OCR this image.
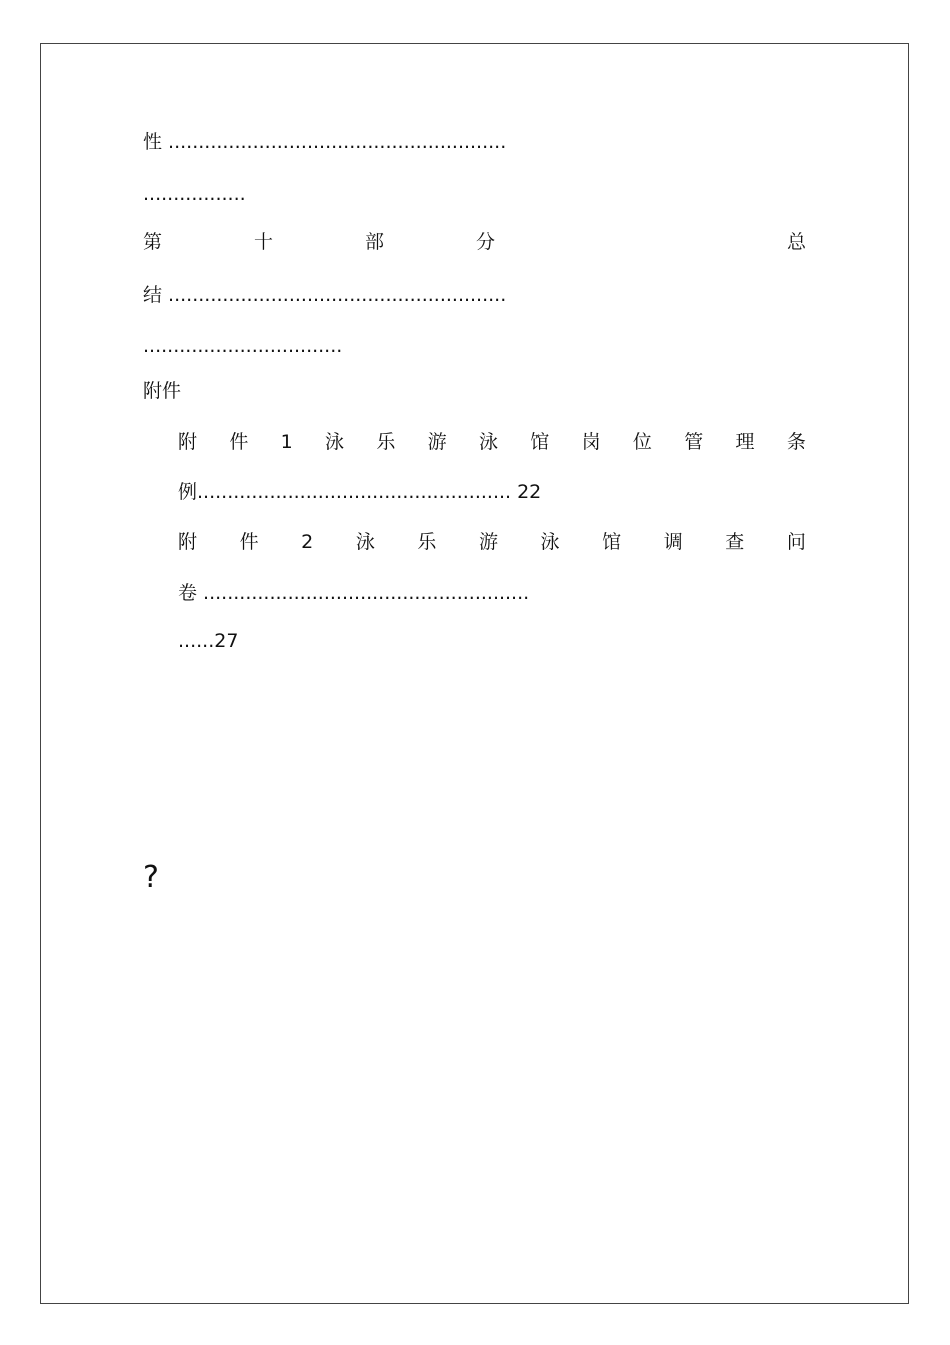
性 ........................................................
.................
第	十	部	分	总
结 ........................................................
.................................
附件
附 件 1 泳 乐 游 泳 馆 岗 位 管 理 条
例.................................................... 22
附 件 2 泳 乐 游 泳 馆 调 查 问
卷 ......................................................
......27
?
